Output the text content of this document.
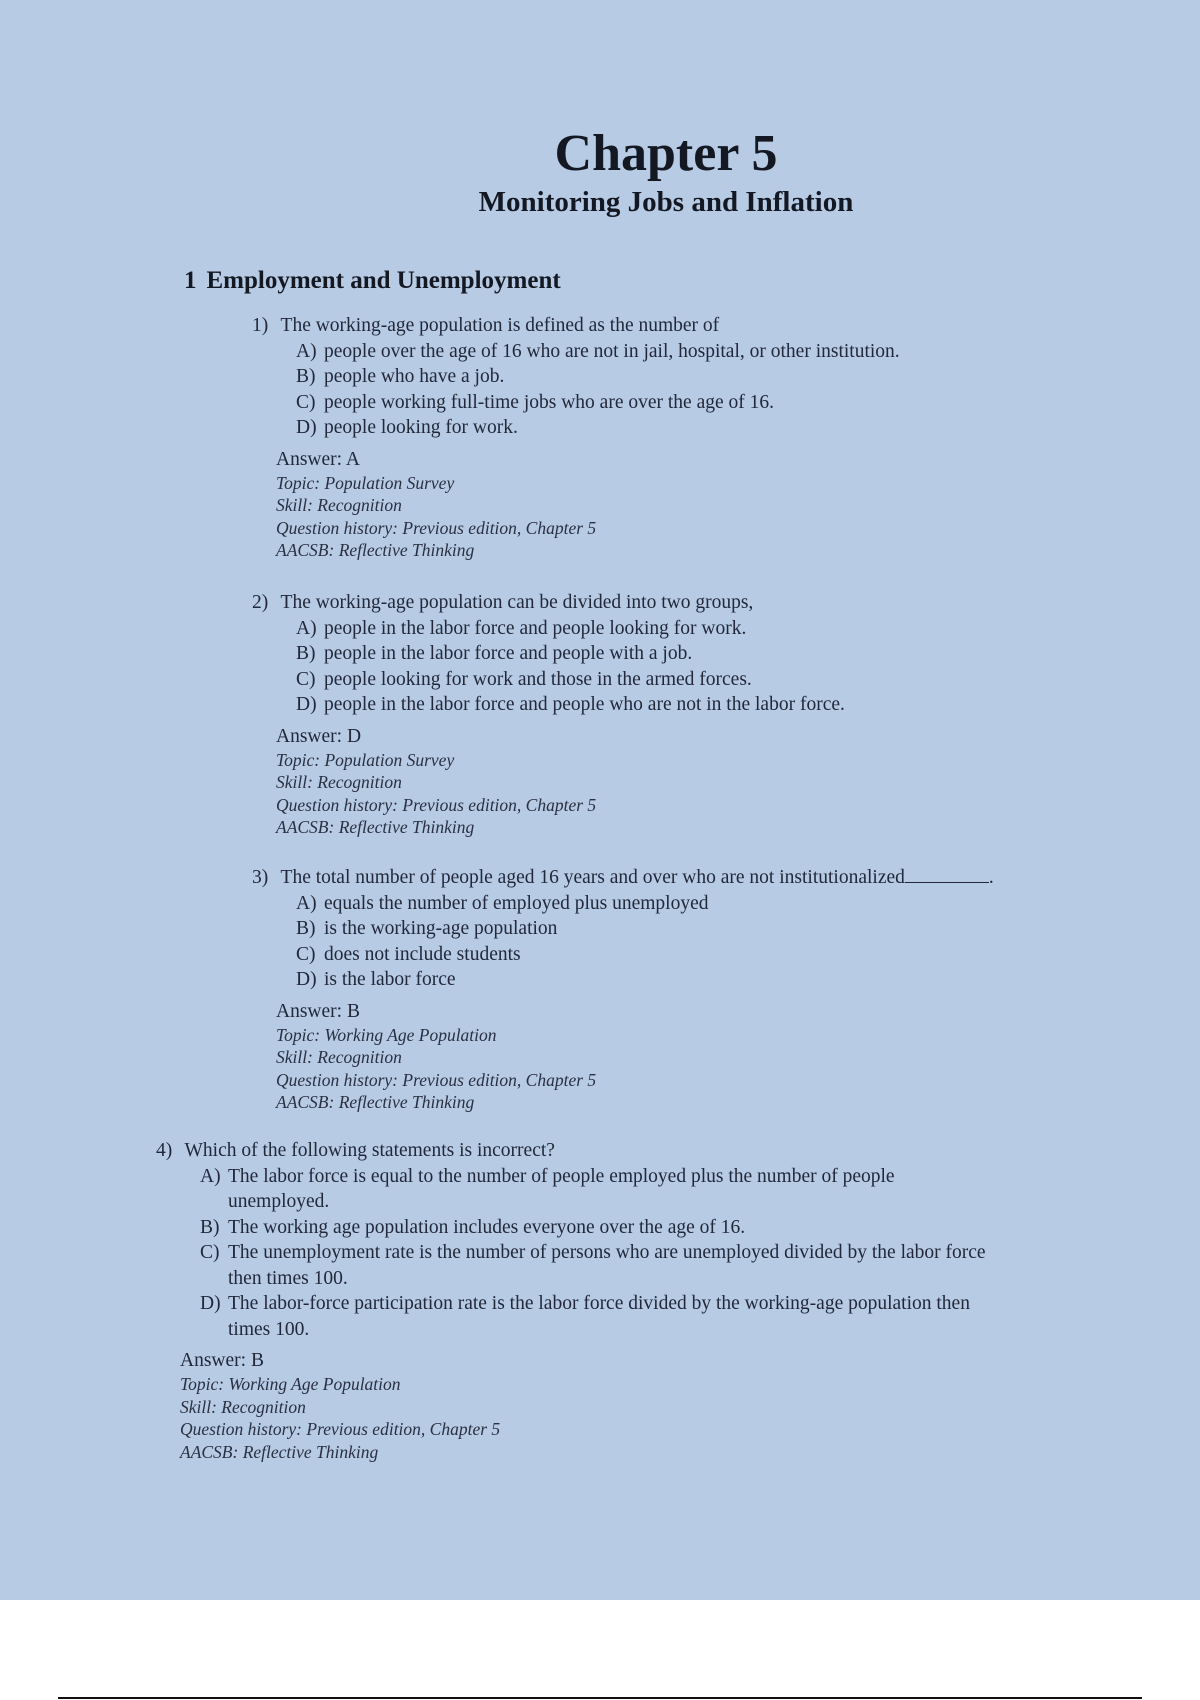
Chapter 5
Monitoring Jobs and Inflation
1 Employment and Unemployment
1) The working-age population is defined as the number of
A) people over the age of 16 who are not in jail, hospital, or other institution.
B) people who have a job.
C) people working full-time jobs who are over the age of 16.
D) people looking for work.
Answer: A
Topic: Population Survey
Skill: Recognition
Question history: Previous edition, Chapter 5
AACSB: Reflective Thinking
2) The working-age population can be divided into two groups,
A) people in the labor force and people looking for work.
B) people in the labor force and people with a job.
C) people looking for work and those in the armed forces.
D) people in the labor force and people who are not in the labor force.
Answer: D
Topic: Population Survey
Skill: Recognition
Question history: Previous edition, Chapter 5
AACSB: Reflective Thinking
3) The total number of people aged 16 years and over who are not institutionalized	.
A) equals the number of employed plus unemployed
B) is the working-age population
C) does not include students
D) is the labor force
Answer: B
Topic: Working Age Population
Skill: Recognition
Question history: Previous edition, Chapter 5
AACSB: Reflective Thinking
4) Which of the following statements is incorrect?
A) The labor force is equal to the number of people employed plus the number of people unemployed.
B) The working age population includes everyone over the age of 16.
C) The unemployment rate is the number of persons who are unemployed divided by the labor force then times 100.
D) The labor-force participation rate is the labor force divided by the working-age population then times 100.
Answer: B
Topic: Working Age Population
Skill: Recognition
Question history: Previous edition, Chapter 5
AACSB: Reflective Thinking
